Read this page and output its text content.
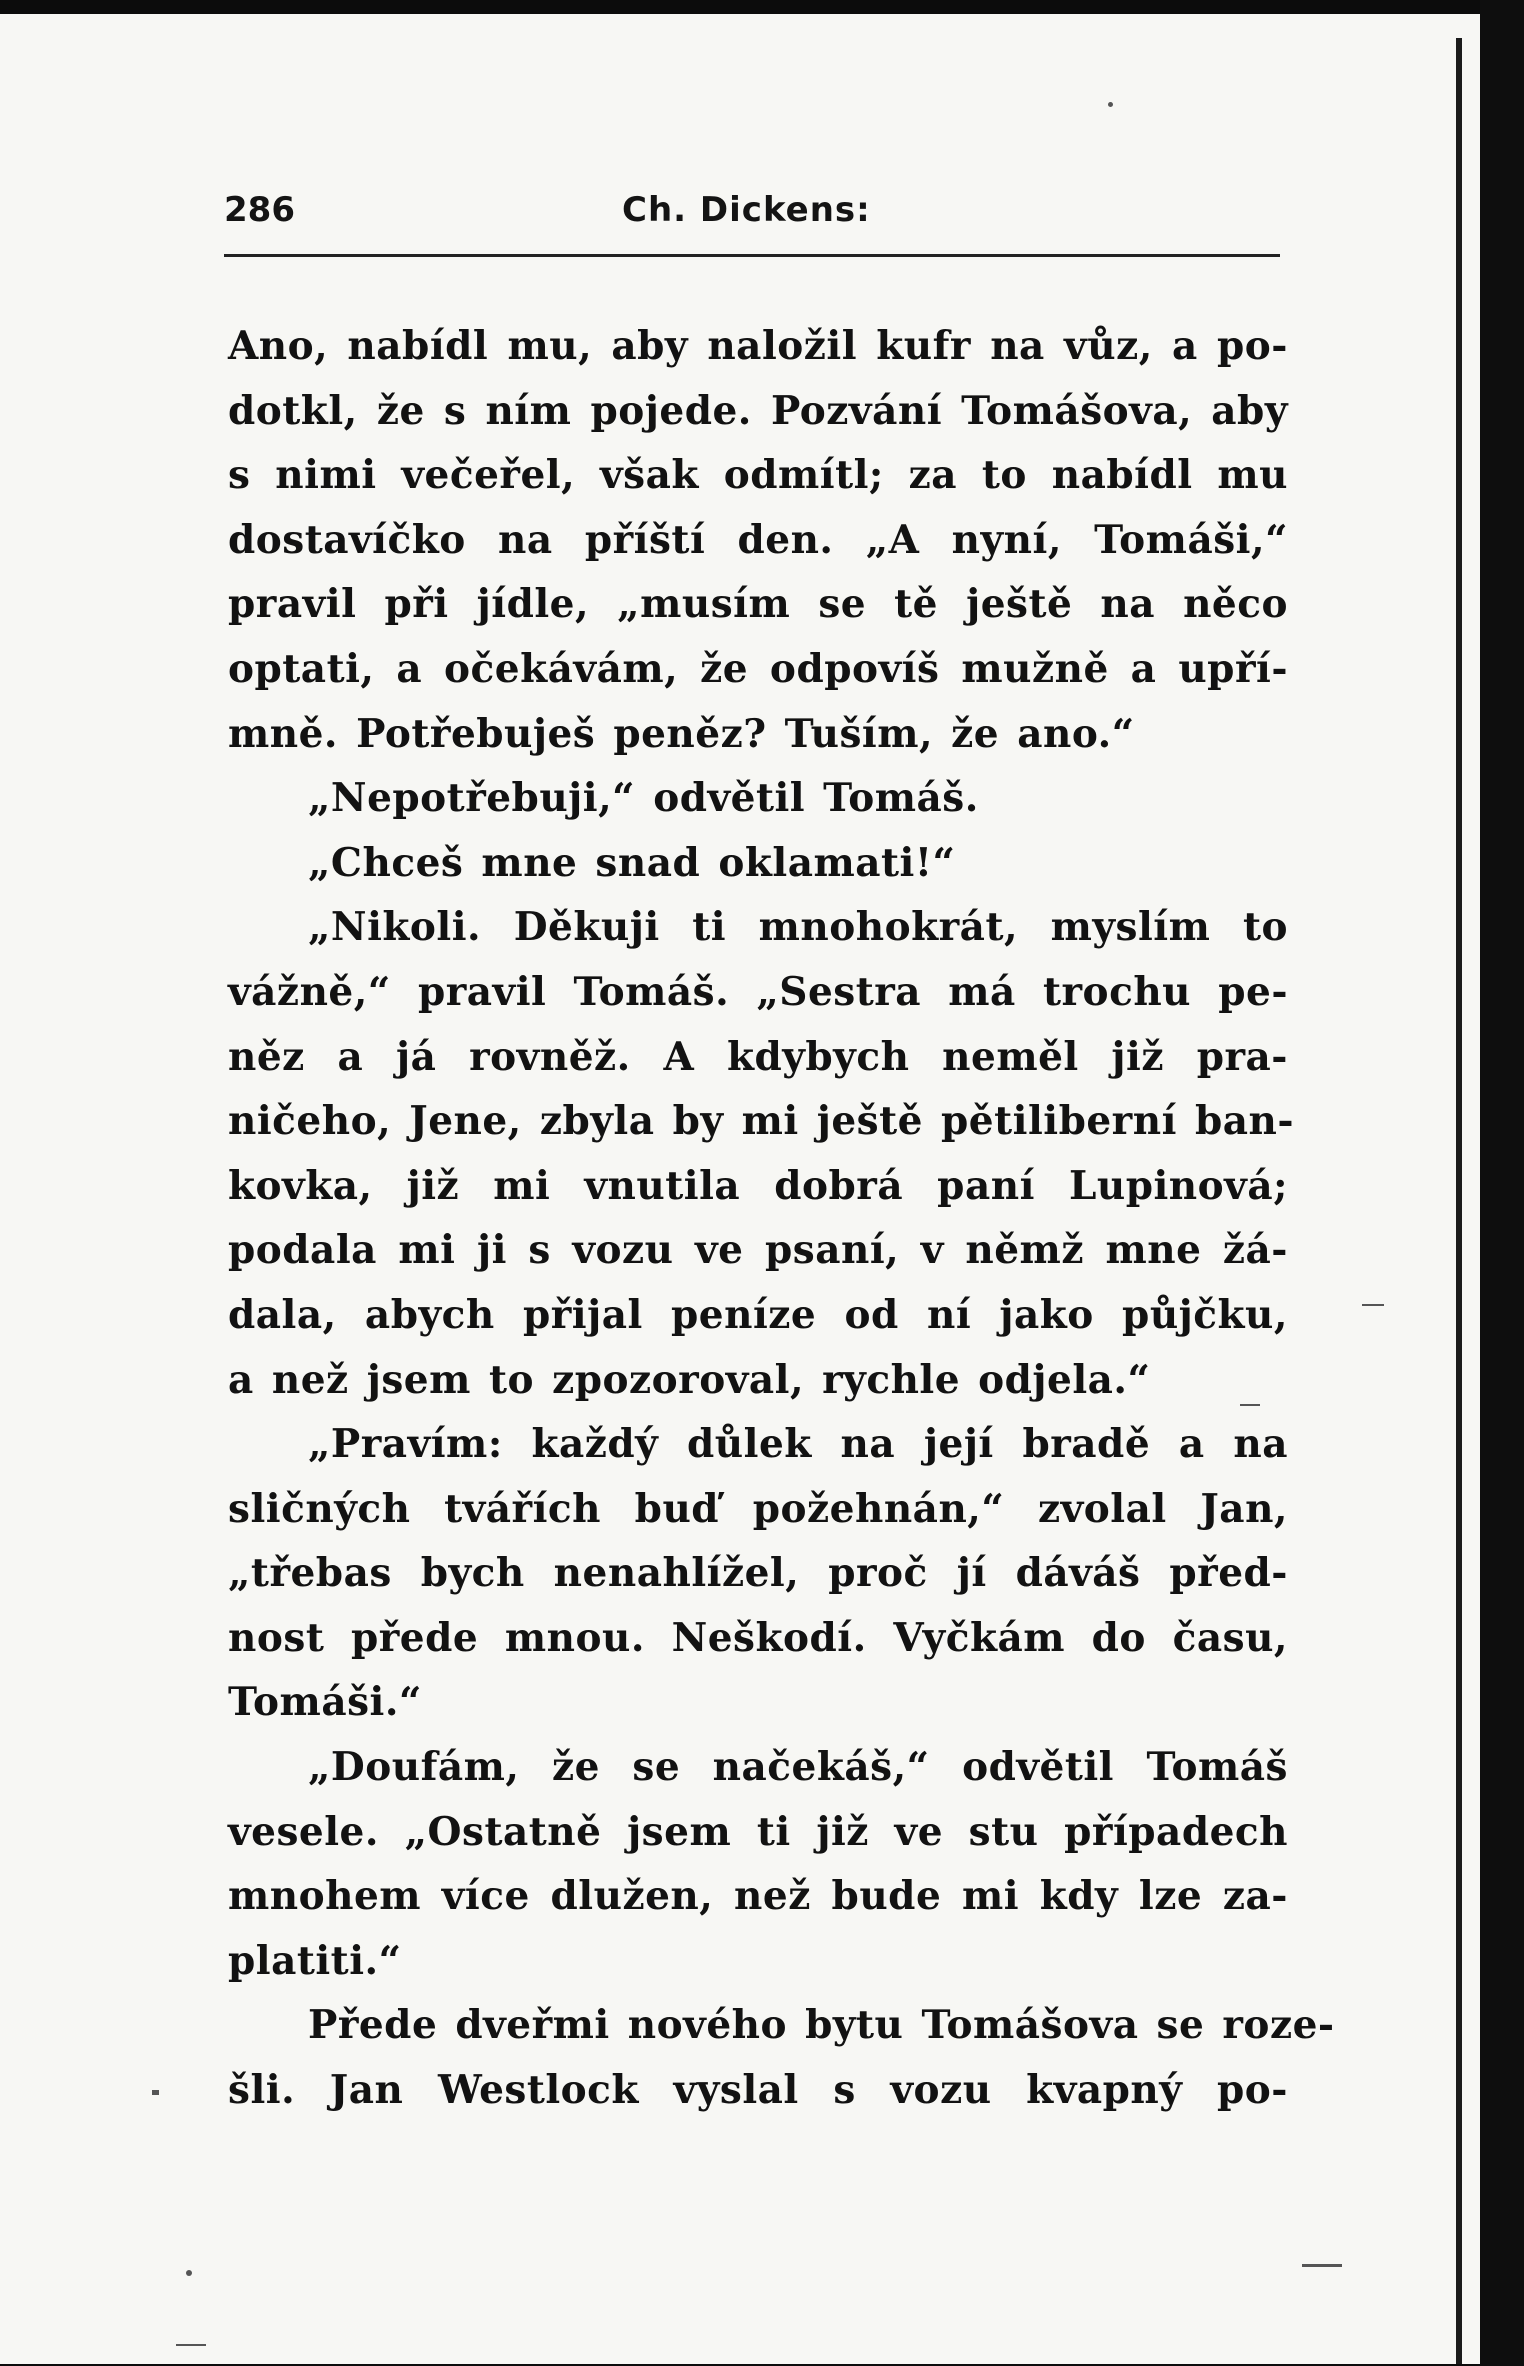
286	Ch. Dickens:
Ano, nabídl mu, aby naložil kufr na vůz, a po-
dotkl, že s ním pojede. Pozvání Tomášova, aby
s nimi večeřel, však odmítl; za to nabídl mu
dostavíčko na příští den. „A nyní, Tomáši,“
pravil při jídle, „musím se tě ještě na něco
optati, a očekávám, že odpovíš mužně a upří-
mně. Potřebuješ peněz? Tuším, že ano.“
„Nepotřebuji,“ odvětil Tomáš.
„Chceš mne snad oklamati!“
„Nikoli. Děkuji ti mnohokrát, myslím to
vážně,“ pravil Tomáš. „Sestra má trochu pe-
něz a já rovněž. A kdybych neměl již pra-
ničeho, Jene, zbyla by mi ještě pětiliberní ban-
kovka, již mi vnutila dobrá paní Lupinová;
podala mi ji s vozu ve psaní, v němž mne žá-
dala, abych přijal peníze od ní jako půjčku,
a než jsem to zpozoroval, rychle odjela.“
„Pravím: každý důlek na její bradě a na
sličných tvářích buď požehnán,“ zvolal Jan,
„třebas bych nenahlížel, proč jí dáváš před-
nost přede mnou. Neškodí. Vyčkám do času,
Tomáši.“
„Doufám, že se načekáš,“ odvětil Tomáš
vesele. „Ostatně jsem ti již ve stu případech
mnohem více dlužen, než bude mi kdy lze za-
platiti.“
Přede dveřmi nového bytu Tomášova se roze-
šli. Jan Westlock vyslal s vozu kvapný po-
